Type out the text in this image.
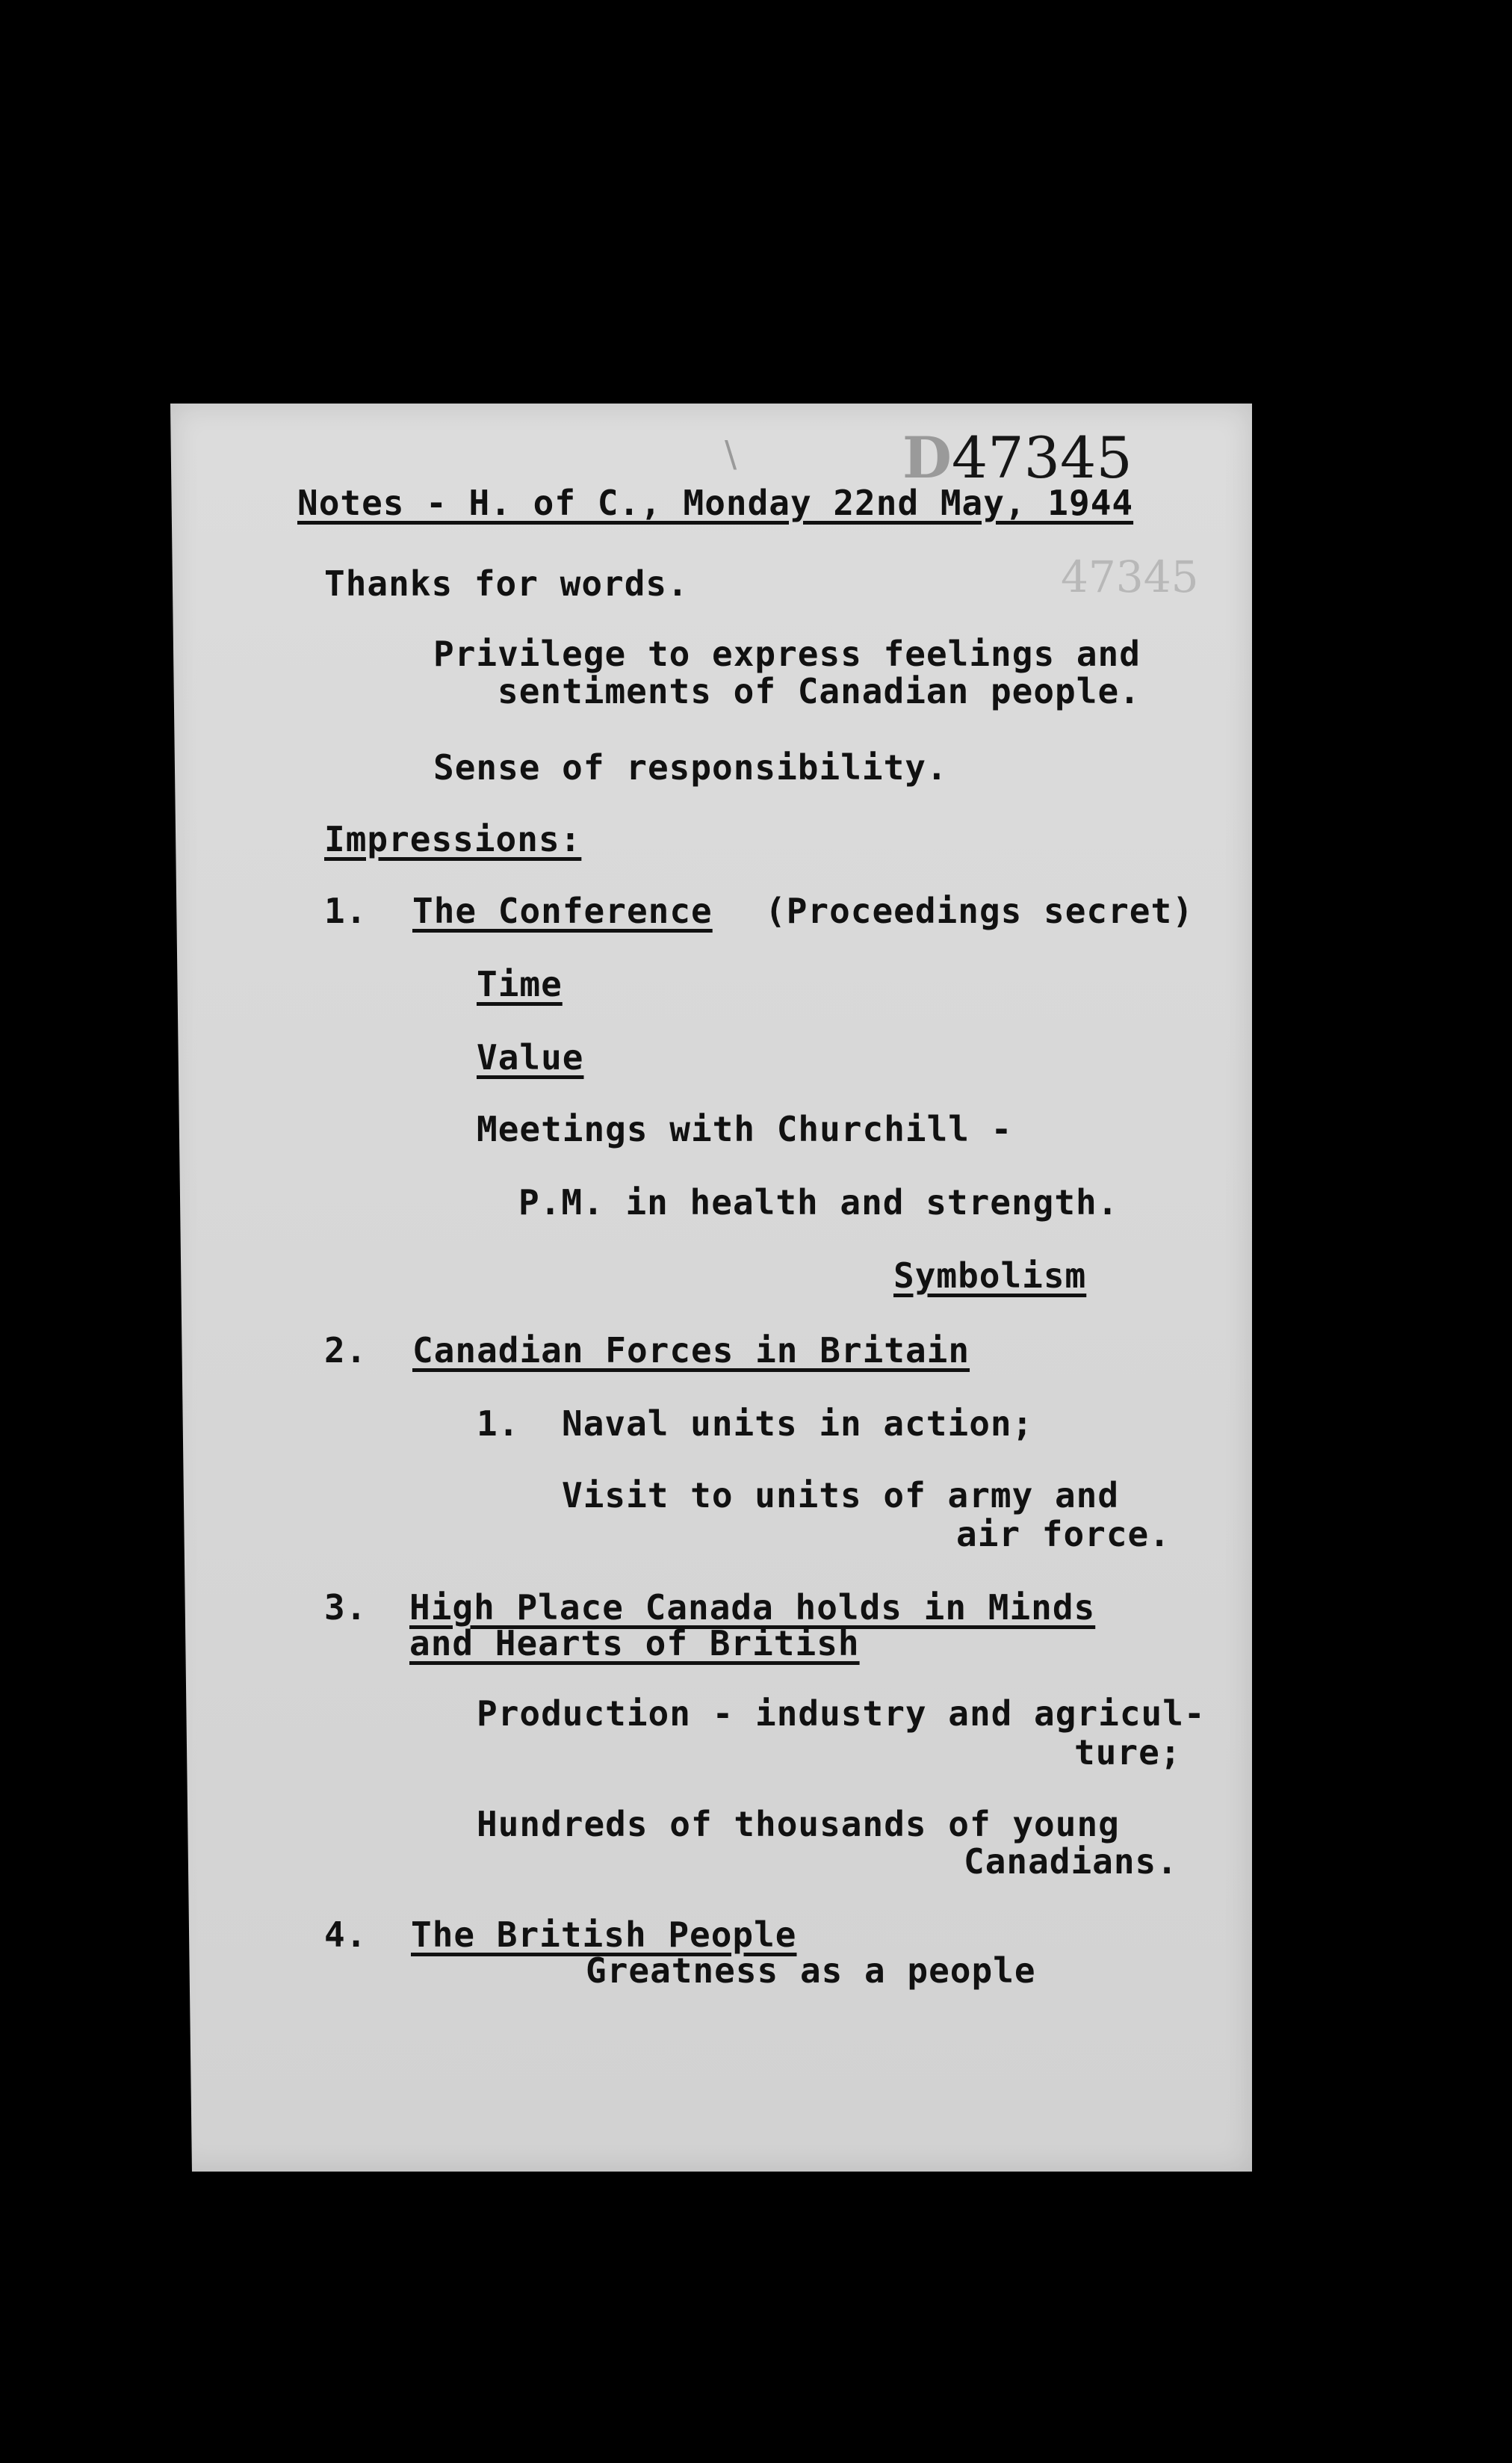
\	D47345
47345
Notes - H. of C., Monday 22nd May, 1944
Thanks for words.
Privilege to express feelings and
sentiments of Canadian people.
Sense of responsibility.
Impressions:
1. The Conference (Proceedings secret)
Time
Value
Meetings with Churchill -
P.M. in health and strength.
Symbolism
2. Canadian Forces in Britain
1. Naval units in action;
Visit to units of army and
air force.
3. High Place Canada holds in Minds
and Hearts of British
Production - industry and agricul-
ture;
Hundreds of thousands of young
Canadians.
4. The British People
Greatness as a people
